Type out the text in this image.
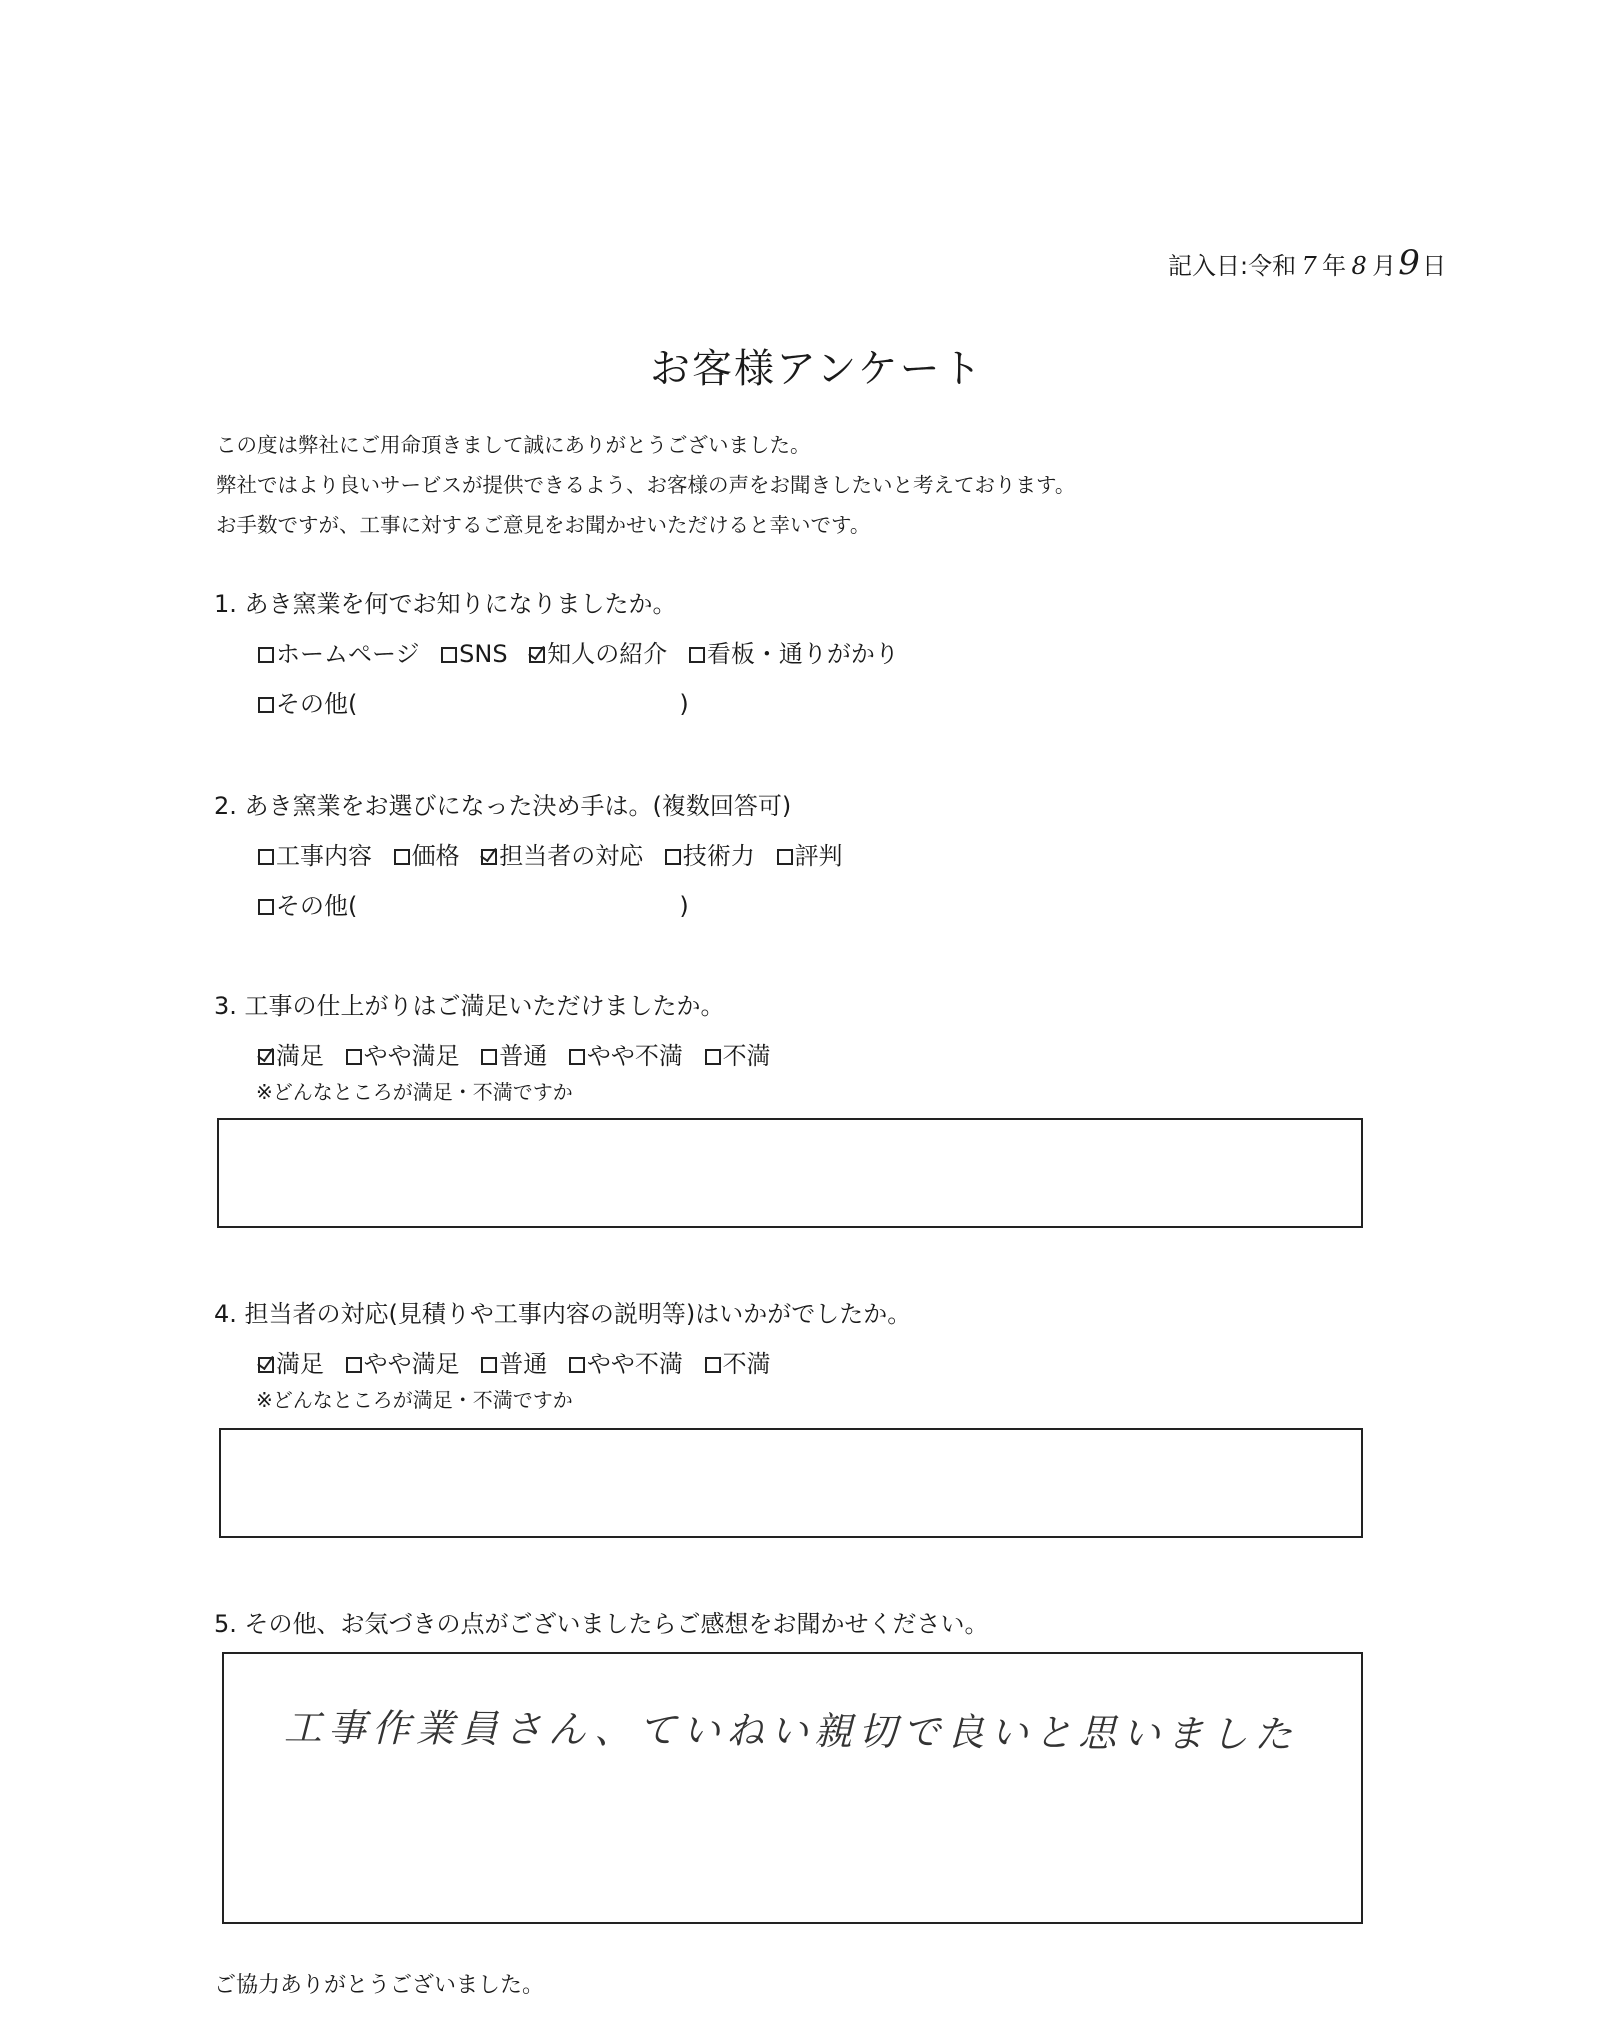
記入日:令和 7 年 8 月9日
お客様アンケート
この度は弊社にご用命頂きまして誠にありがとうございました。
弊社ではより良いサービスが提供できるよう、お客様の声をお聞きしたいと考えております。
お手数ですが、工事に対するご意見をお聞かせいただけると幸いです。
1. あき窯業を何でお知りになりましたか。
ホームページ SNS 知人の紹介 看板・通りがかり
その他(	)
2. あき窯業をお選びになった決め手は。(複数回答可)
工事内容 価格 担当者の対応 技術力 評判
その他(	)
3. 工事の仕上がりはご満足いただけましたか。
満足 やや満足 普通 やや不満 不満
※どんなところが満足・不満ですか
4. 担当者の対応(見積りや工事内容の説明等)はいかがでしたか。
満足 やや満足 普通 やや不満 不満
※どんなところが満足・不満ですか
5. その他、お気づきの点がございましたらご感想をお聞かせください。
工事作業員さん、ていねい親切で良いと思いました
ご協力ありがとうございました。
